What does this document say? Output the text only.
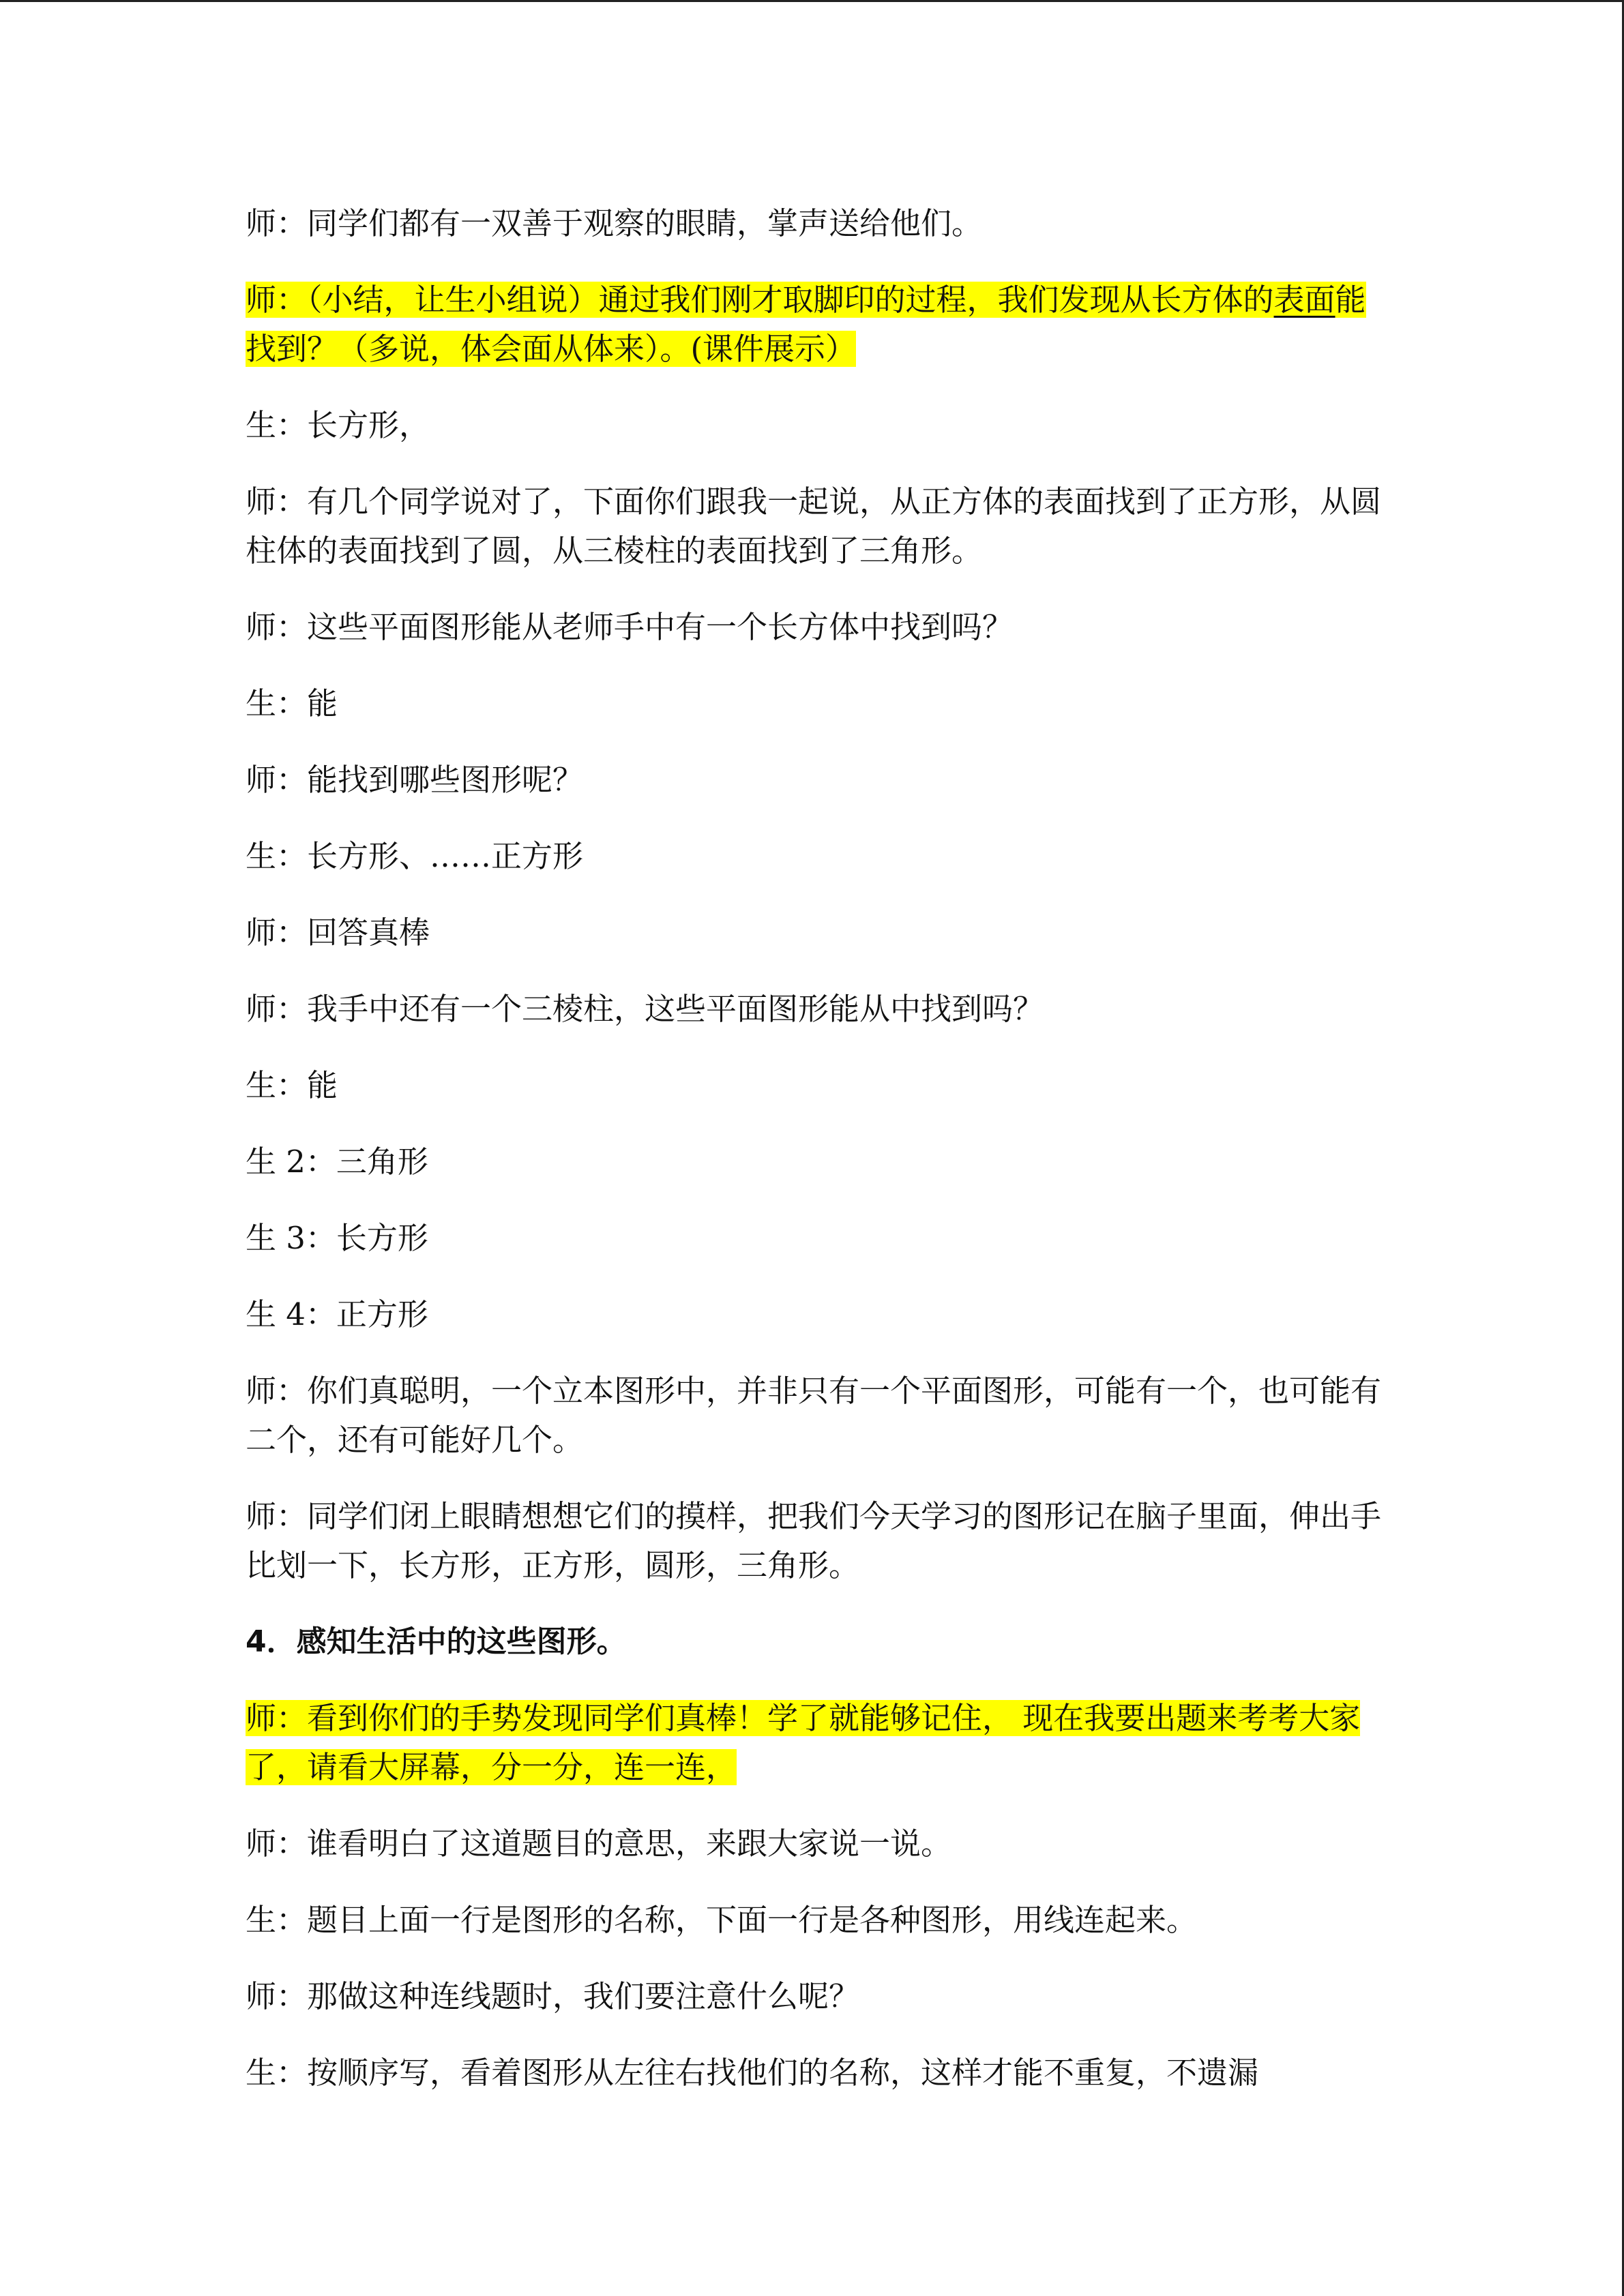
师：同学们都有一双善于观察的眼睛，掌声送给他们。

师：（小结，让生小组说）通过我们刚才取脚印的过程，我们发现从长方体的表面能找到？（多说，体会面从体来）。(课件展示）

生：长方形，

师：有几个同学说对了，下面你们跟我一起说，从正方体的表面找到了正方形，从圆柱体的表面找到了圆，从三棱柱的表面找到了三角形。

师：这些平面图形能从老师手中有一个长方体中找到吗？

生：能

师：能找到哪些图形呢？

生：长方形、……正方形

师：回答真棒

师：我手中还有一个三棱柱，这些平面图形能从中找到吗？

生：能

生 2：三角形

生 3：长方形

生 4：正方形

师：你们真聪明，一个立本图形中，并非只有一个平面图形，可能有一个，也可能有二个，还有可能好几个。

师：同学们闭上眼睛想想它们的摸样，把我们今天学习的图形记在脑子里面，伸出手比划一下，长方形，正方形，圆形，三角形。

4．感知生活中的这些图形。

师：看到你们的手势发现同学们真棒！学了就能够记住， 现在我要出题来考考大家了，请看大屏幕，分一分，连一连，

师：谁看明白了这道题目的意思，来跟大家说一说。

生：题目上面一行是图形的名称，下面一行是各种图形，用线连起来。

师：那做这种连线题时，我们要注意什么呢？

生：按顺序写，看着图形从左往右找他们的名称，这样才能不重复，不遗漏
